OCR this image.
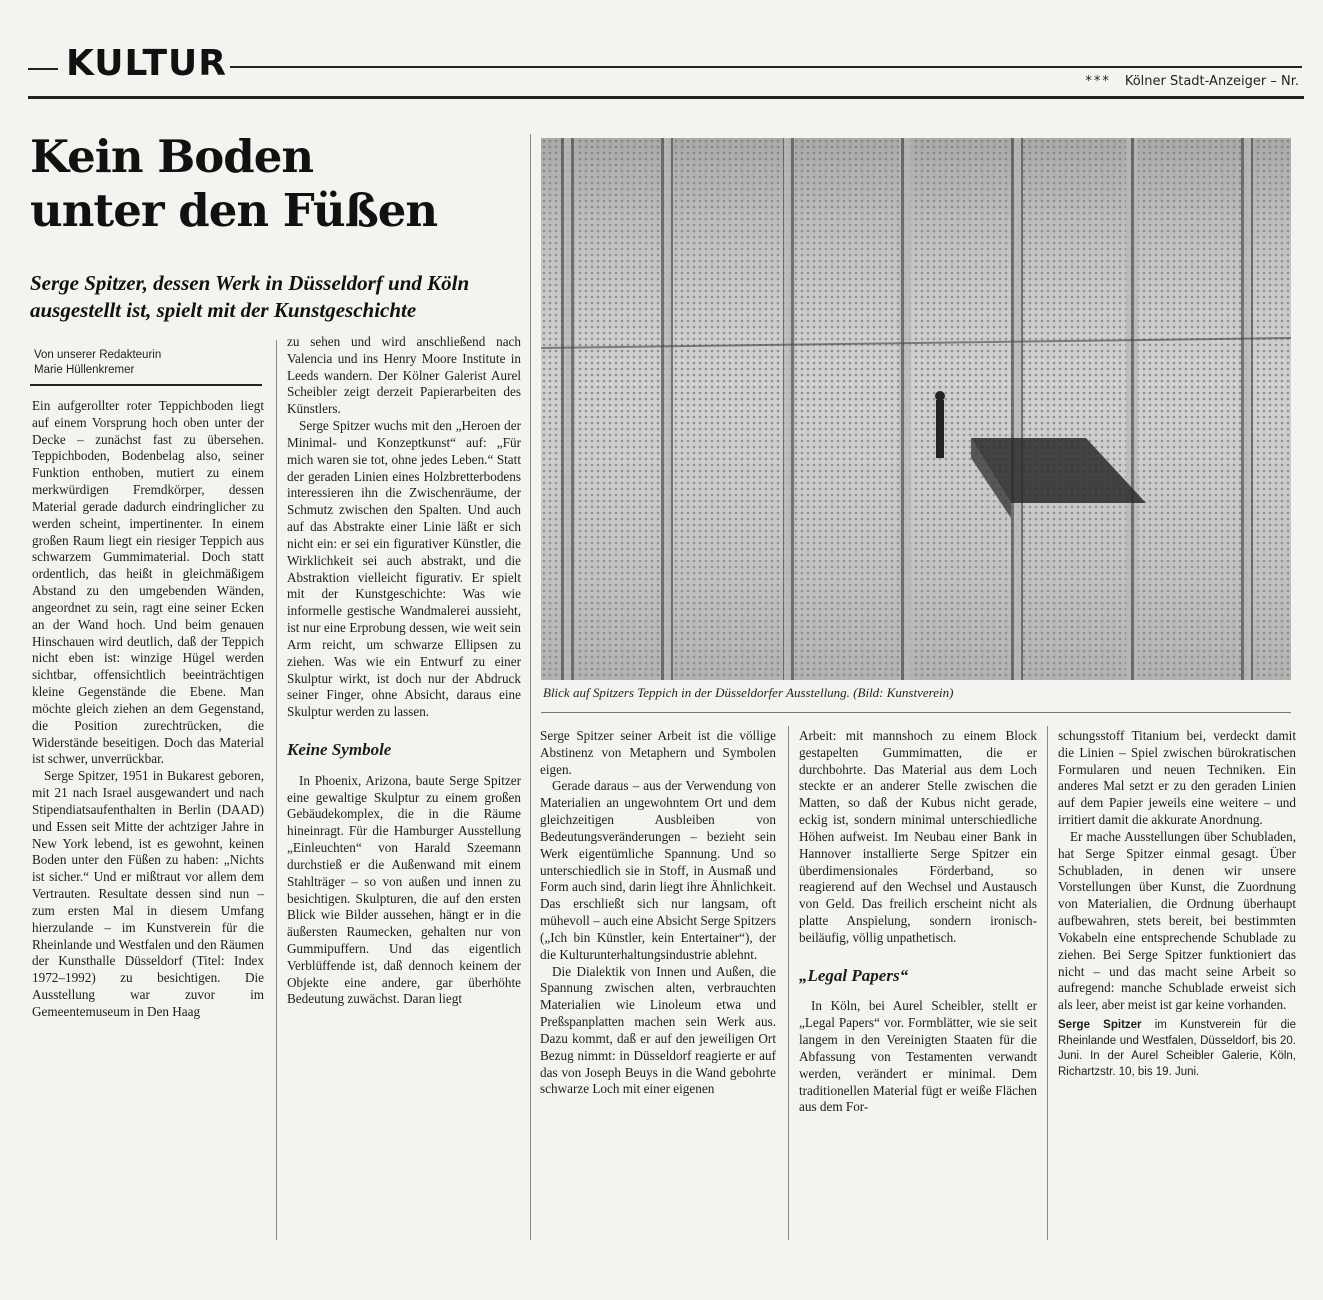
KULTUR	*** Kölner Stadt-Anzeiger – Nr.
Kein Boden
unter den Füßen
Serge Spitzer, dessen Werk in Düsseldorf und Köln ausgestellt ist, spielt mit der Kunstgeschichte
Von unserer Redakteurin
Marie Hüllenkremer

Ein aufgerollter roter Teppichboden liegt auf einem Vorsprung hoch oben unter der Decke – zunächst fast zu übersehen. Teppichboden, Bodenbelag also, seiner Funktion enthoben, mutiert zu einem merkwürdigen Fremdkörper, dessen Material gerade dadurch eindringlicher zu werden scheint, impertinenter. In einem großen Raum liegt ein riesiger Teppich aus schwarzem Gummimaterial. Doch statt ordentlich, das heißt in gleichmäßigem Abstand zu den umgebenden Wänden, angeordnet zu sein, ragt eine seiner Ecken an der Wand hoch. Und beim genauen Hinschauen wird deutlich, daß der Teppich nicht eben ist: winzige Hügel werden sichtbar, offensichtlich beeinträchtigen kleine Gegenstände die Ebene. Man möchte gleich ziehen an dem Gegenstand, die Position zurechtrücken, die Widerstände beseitigen. Doch das Material ist schwer, unverrückbar.

Serge Spitzer, 1951 in Bukarest geboren, mit 21 nach Israel ausgewandert und nach Stipendiatsaufenthalten in Berlin (DAAD) und Essen seit Mitte der achtziger Jahre in New York lebend, ist es gewohnt, keinen Boden unter den Füßen zu haben: „Nichts ist sicher.“ Und er mißtraut vor allem dem Vertrauten. Resultate dessen sind nun – zum ersten Mal in diesem Umfang hierzulande – im Kunstverein für die Rheinlande und Westfalen und den Räumen der Kunsthalle Düsseldorf (Titel: Index 1972–1992) zu besichtigen. Die Ausstellung war zuvor im Gemeentemuseum in Den Haag

zu sehen und wird anschließend nach Valencia und ins Henry Moore Institute in Leeds wandern. Der Kölner Galerist Aurel Scheibler zeigt derzeit Papierarbeiten des Künstlers.

Serge Spitzer wuchs mit den „Heroen der Minimal- und Konzeptkunst“ auf: „Für mich waren sie tot, ohne jedes Leben.“ Statt der geraden Linien eines Holzbretterbodens interessieren ihn die Zwischenräume, der Schmutz zwischen den Spalten. Und auch auf das Abstrakte einer Linie läßt er sich nicht ein: er sei ein figurativer Künstler, die Wirklichkeit sei auch abstrakt, und die Abstraktion vielleicht figurativ. Er spielt mit der Kunstgeschichte: Was wie informelle gestische Wandmalerei aussieht, ist nur eine Erprobung dessen, wie weit sein Arm reicht, um schwarze Ellipsen zu ziehen. Was wie ein Entwurf zu einer Skulptur wirkt, ist doch nur der Abdruck seiner Finger, ohne Absicht, daraus eine Skulptur werden zu lassen.

Keine Symbole

In Phoenix, Arizona, baute Serge Spitzer eine gewaltige Skulptur zu einem großen Gebäudekomplex, die in die Räume hineinragt. Für die Hamburger Ausstellung „Einleuchten“ von Harald Szeemann durchstieß er die Außenwand mit einem Stahlträger – so von außen und innen zu besichtigen. Skulpturen, die auf den ersten Blick wie Bilder aussehen, hängt er in die äußersten Raumecken, gehalten nur von Gummipuffern. Und das eigentlich Verblüffende ist, daß dennoch keinem der Objekte eine andere, gar überhöhte Bedeutung zuwächst. Daran liegt

Blick auf Spitzers Teppich in der Düsseldorfer Ausstellung. (Bild: Kunstverein)

Serge Spitzer seiner Arbeit ist die völlige Abstinenz von Metaphern und Symbolen eigen.

Gerade daraus – aus der Verwendung von Materialien an ungewohntem Ort und dem gleichzeitigen Ausbleiben von Bedeutungsveränderungen – bezieht sein Werk eigentümliche Spannung. Und so unterschiedlich sie in Stoff, in Ausmaß und Form auch sind, darin liegt ihre Ähnlichkeit. Das erschließt sich nur langsam, oft mühevoll – auch eine Absicht Serge Spitzers („Ich bin Künstler, kein Entertainer“), der die Kulturunterhaltungsindustrie ablehnt.

Die Dialektik von Innen und Außen, die Spannung zwischen alten, verbrauchten Materialien wie Linoleum etwa und Preßspanplatten machen sein Werk aus. Dazu kommt, daß er auf den jeweiligen Ort Bezug nimmt: in Düsseldorf reagierte er auf das von Joseph Beuys in die Wand gebohrte schwarze Loch mit einer eigenen

Arbeit: mit mannshoch zu einem Block gestapelten Gummimatten, die er durchbohrte. Das Material aus dem Loch steckte er an anderer Stelle zwischen die Matten, so daß der Kubus nicht gerade, eckig ist, sondern minimal unterschiedliche Höhen aufweist. Im Neubau einer Bank in Hannover installierte Serge Spitzer ein überdimensionales Förderband, so reagierend auf den Wechsel und Austausch von Geld. Das freilich erscheint nicht als platte Anspielung, sondern ironisch-beiläufig, völlig unpathetisch.

„Legal Papers“

In Köln, bei Aurel Scheibler, stellt er „Legal Papers“ vor. Formblätter, wie sie seit langem in den Vereinigten Staaten für die Abfassung von Testamenten verwandt werden, verändert er minimal. Dem traditionellen Material fügt er weiße Flächen aus dem For-

schungsstoff Titanium bei, verdeckt damit die Linien – Spiel zwischen bürokratischen Formularen und neuen Techniken. Ein anderes Mal setzt er zu den geraden Linien auf dem Papier jeweils eine weitere – und irritiert damit die akkurate Anordnung.

Er mache Ausstellungen über Schubladen, hat Serge Spitzer einmal gesagt. Über Schubladen, in denen wir unsere Vorstellungen über Kunst, die Zuordnung von Materialien, die Ordnung überhaupt aufbewahren, stets bereit, bei bestimmten Vokabeln eine entsprechende Schublade zu ziehen. Bei Serge Spitzer funktioniert das nicht – und das macht seine Arbeit so aufregend: manche Schublade erweist sich als leer, aber meist ist gar keine vorhanden.

Serge Spitzer im Kunstverein für die Rheinlande und Westfalen, Düsseldorf, bis 20. Juni. In der Aurel Scheibler Galerie, Köln, Richartzstr. 10, bis 19. Juni.
